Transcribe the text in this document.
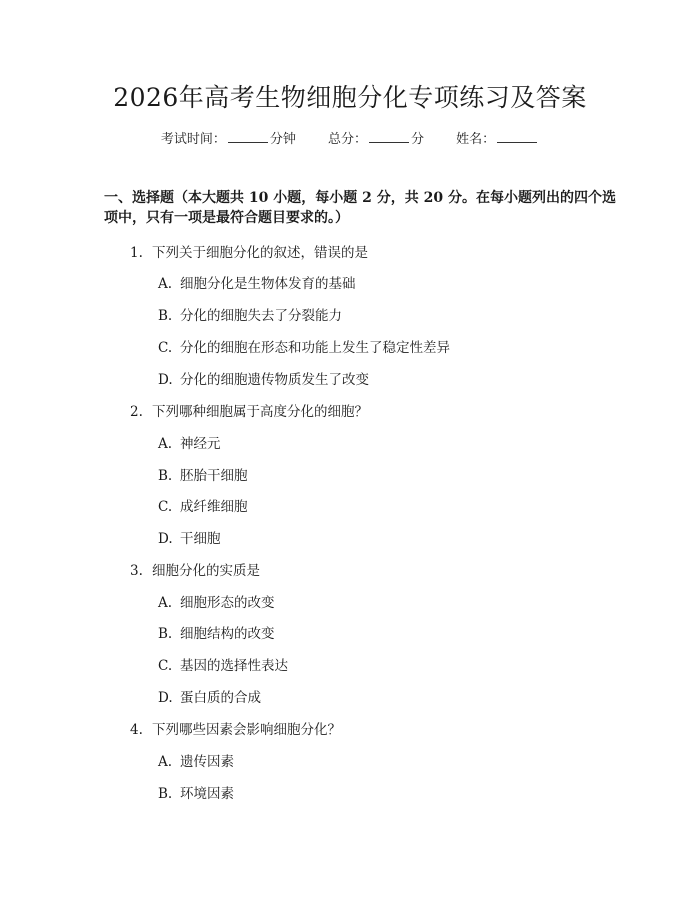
2026年高考生物细胞分化专项练习及答案
考试时间：	分钟 总分：	分 姓名：
一、选择题（本大题共 10 小题，每小题 2 分，共 20 分。在每小题列出的四个选
项中，只有一项是最符合题目要求的。）
1. 下列关于细胞分化的叙述，错误的是
A. 细胞分化是生物体发育的基础
B. 分化的细胞失去了分裂能力
C. 分化的细胞在形态和功能上发生了稳定性差异
D. 分化的细胞遗传物质发生了改变
2. 下列哪种细胞属于高度分化的细胞？
A. 神经元
B. 胚胎干细胞
C. 成纤维细胞
D. 干细胞
3. 细胞分化的实质是
A. 细胞形态的改变
B. 细胞结构的改变
C. 基因的选择性表达
D. 蛋白质的合成
4. 下列哪些因素会影响细胞分化？
A. 遗传因素
B. 环境因素
